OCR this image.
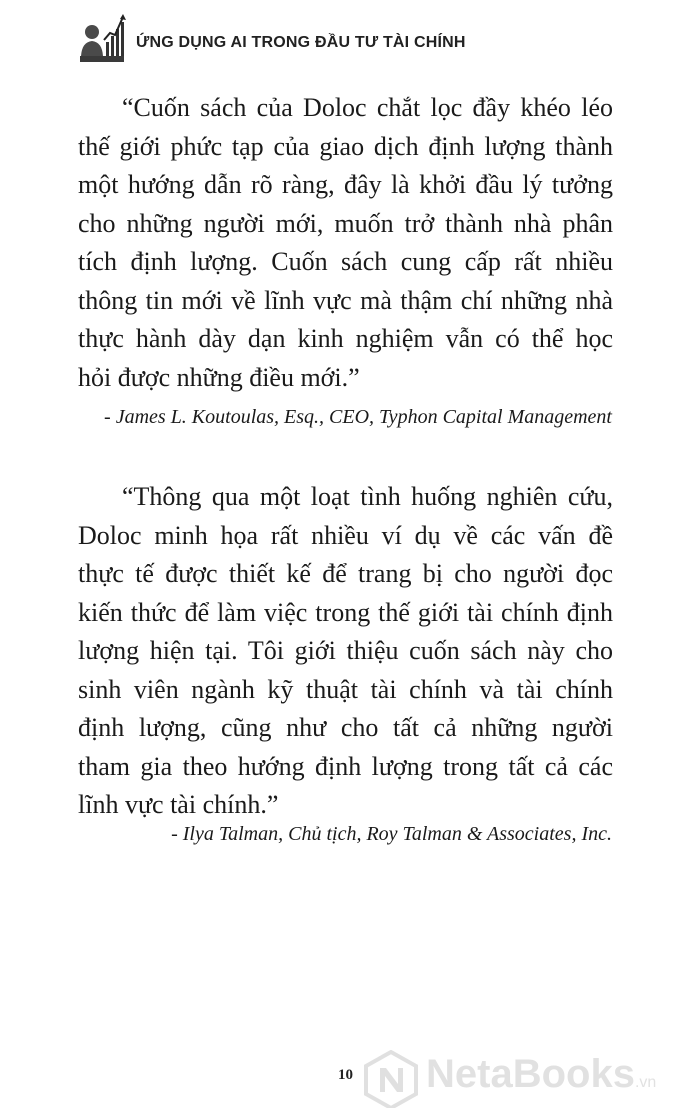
ỨNG DỤNG AI TRONG ĐẦU TƯ TÀI CHÍNH
“Cuốn sách của Doloc chắt lọc đầy khéo léo
thế giới phức tạp của giao dịch định lượng thành
một hướng dẫn rõ ràng, đây là khởi đầu lý tưởng
cho những người mới, muốn trở thành nhà phân
tích định lượng. Cuốn sách cung cấp rất nhiều
thông tin mới về lĩnh vực mà thậm chí những nhà
thực hành dày dạn kinh nghiệm vẫn có thể học
hỏi được những điều mới.”
- James L. Koutoulas, Esq., CEO, Typhon Capital Management
“Thông qua một loạt tình huống nghiên cứu,
Doloc minh họa rất nhiều ví dụ về các vấn đề
thực tế được thiết kế để trang bị cho người đọc
kiến thức để làm việc trong thế giới tài chính định
lượng hiện tại. Tôi giới thiệu cuốn sách này cho
sinh viên ngành kỹ thuật tài chính và tài chính
định lượng, cũng như cho tất cả những người
tham gia theo hướng định lượng trong tất cả các
lĩnh vực tài chính.”
- Ilya Talman, Chủ tịch, Roy Talman & Associates, Inc.
10 NetaBooks.vn
